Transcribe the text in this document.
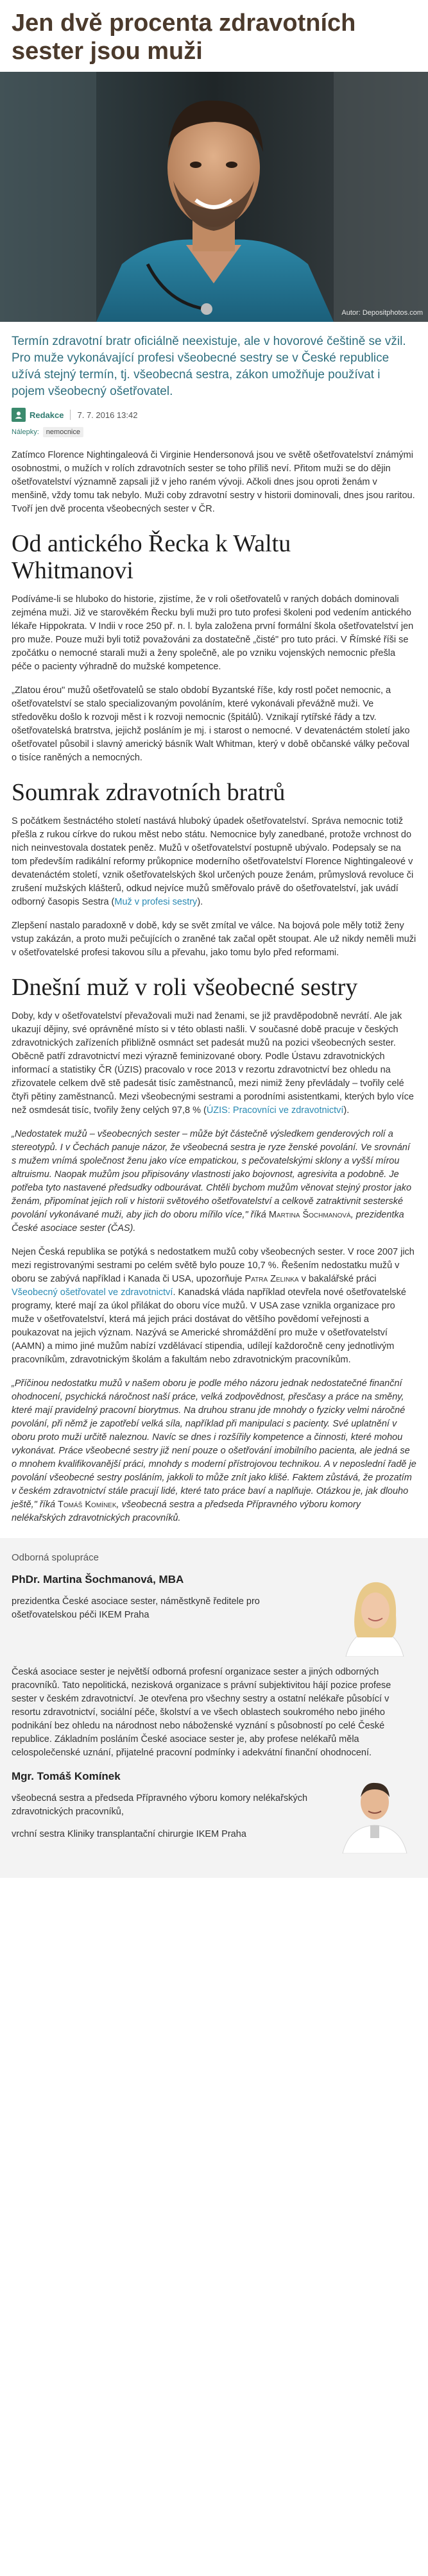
Jen dvě procenta zdravotních sester jsou muži
Autor: Depositphotos.com
Termín zdravotní bratr oficiálně neexistuje, ale v hovorové češtině se vžil. Pro muže vykonávající profesi všeobecné sestry se v České republice užívá stejný termín, tj. všeobecná sestra, zákon umožňuje používat i pojem všeobecný ošetřovatel.
Redakce 7. 7. 2016 13:42
Nálepky:	nemocnice

Zatímco Florence Nightingaleová či Virginie Hendersonová jsou ve světě ošetřovatelství známými osobnostmi, o mužích v rolích zdravotních sester se toho příliš neví. Přitom muži se do dějin ošetřovatelství významně zapsali již v jeho raném vývoji. Ačkoli dnes jsou oproti ženám v menšině, vždy tomu tak nebylo. Muži coby zdravotní sestry v historii dominovali, dnes jsou raritou. Tvoří jen dvě procenta všeobecných sester v ČR.

Od antického Řecka k Waltu Whitmanovi

Podíváme-li se hluboko do historie, zjistíme, že v roli ošetřovatelů v raných dobách dominovali zejména muži. Již ve starověkém Řecku byli muži pro tuto profesi školeni pod vedením antického lékaře Hippokrata. V Indii v roce 250 př. n. l. byla založena první formální škola ošetřovatelství jen pro muže. Pouze muži byli totiž považováni za dostatečně „čisté" pro tuto práci. V Římské říši se zpočátku o nemocné starali muži a ženy společně, ale po vzniku vojenských nemocnic přešla péče o pacienty výhradně do mužské kompetence.

„Zlatou érou" mužů ošetřovatelů se stalo období Byzantské říše, kdy rostl počet nemocnic, a ošetřovatelství se stalo specializovaným povoláním, které vykonávali převážně muži. Ve středověku došlo k rozvoji měst i k rozvoji nemocnic (špitálů). Vznikají rytířské řády a tzv. ošetřovatelská bratrstva, jejichž posláním je mj. i starost o nemocné. V devatenáctém století jako ošetřovatel působil i slavný americký básník Walt Whitman, který v době občanské války pečoval o tisíce raněných a nemocných.

Soumrak zdravotních bratrů

S počátkem šestnáctého století nastává hluboký úpadek ošetřovatelství. Správa nemocnic totiž přešla z rukou církve do rukou měst nebo státu. Nemocnice byly zanedbané, protože vrchnost do nich neinvestovala dostatek peněz. Mužů v ošetřovatelství postupně ubývalo. Podepsaly se na tom především radikální reformy průkopnice moderního ošetřovatelství Florence Nightingaleové v devatenáctém století, vznik ošetřovatelských škol určených pouze ženám, průmyslová revoluce či zrušení mužských klášterů, odkud nejvíce mužů směřovalo právě do ošetřovatelství, jak uvádí odborný časopis Sestra (Muž v profesi sestry).

Zlepšení nastalo paradoxně v době, kdy se svět zmítal ve válce. Na bojová pole měly totiž ženy vstup zakázán, a proto muži pečujících o zraněné tak začal opět stoupat. Ale už nikdy neměli muži v ošetřovatelské profesi takovou sílu a převahu, jako tomu bylo před reformami.

Dnešní muž v roli všeobecné sestry

Doby, kdy v ošetřovatelství převažovali muži nad ženami, se již pravděpodobně nevrátí. Ale jak ukazují dějiny, své oprávněné místo si v této oblasti našli. V současné době pracuje v českých zdravotnických zařízeních přibližně osmnáct set padesát mužů na pozici všeobecných sester. Oběcně patří zdravotnictví mezi výrazně feminizované obory. Podle Ústavu zdravotnických informací a statistiky ČR (ÚZIS) pracovalo v roce 2013 v rezortu zdravotnictví bez ohledu na zřizovatele celkem dvě stě padesát tisíc zaměstnanců, mezi nimiž ženy převládaly – tvořily celé čtyři pětiny zaměstnanců. Mezi všeobecnými sestrami a porodními asistentkami, kterých bylo více než osmdesát tisíc, tvořily ženy celých 97,8 % (ÚZIS: Pracovníci ve zdravotnictví).

„Nedostatek mužů – všeobecných sester – může být částečně výsledkem genderových rolí a stereotypů. I v Čechách panuje názor, že všeobecná sestra je ryze ženské povolání. Ve srovnání s mužem vnímá společnost ženu jako více empatickou, s pečovatelskými sklony a vyšší mírou altruismu. Naopak mužům jsou připisovány vlastnosti jako bojovnost, agresivita a podobně. Je potřeba tyto nastavené předsudky odbourávat. Chtěli bychom mužům věnovat stejný prostor jako ženám, připomínat jejich roli v historii světového ošetřovatelství a celkově zatraktivnit sesterské povolání vykonávané muži, aby jich do oboru mířilo více," říká Martina Šochmanová, prezidentka České asociace sester (ČAS).

Nejen Česká republika se potýká s nedostatkem mužů coby všeobecných sester. V roce 2007 jich mezi registrovanými sestrami po celém světě bylo pouze 10,7 %. Řešením nedostatku mužů v oboru se zabývá například i Kanada či USA, upozorňuje Patra Zelinka v bakalářské práci Všeobecný ošetřovatel ve zdravotnictví. Kanadská vláda například otevřela nové ošetřovatelské programy, které mají za úkol přilákat do oboru více mužů. V USA zase vznikla organizace pro muže v ošetřovatelství, která má jejich práci dostávat do většího povědomí veřejnosti a poukazovat na jejich význam. Nazývá se Americké shromáždění pro muže v ošetřovatelství (AAMN) a mimo jiné mužům nabízí vzdělávací stipendia, udílejí každoročně ceny jednotlivým pracovníkům, zdravotnickým školám a fakultám nebo zdravotnickým pracovníkům.

„Příčinou nedostatku mužů v našem oboru je podle mého názoru jednak nedostatečné finanční ohodnocení, psychická náročnost naší práce, velká zodpovědnost, přesčasy a práce na směny, které mají pravidelný pracovní biorytmus. Na druhou stranu jde mnohdy o fyzicky velmi náročné povolání, při němž je zapotřebí velká síla, například při manipulaci s pacienty. Své uplatnění v oboru proto muži určitě naleznou. Navíc se dnes i rozšířily kompetence a činnosti, které mohou vykonávat. Práce všeobecné sestry již není pouze o ošetřování imobilního pacienta, ale jedná se o mnohem kvalifikovanější práci, mnohdy s moderní přístrojovou technikou. A v neposlední řadě je povolání všeobecné sestry posláním, jakkoli to může znít jako klišé. Faktem zůstává, že prozatím v českém zdravotnictví stále pracují lidé, které tato práce baví a naplňuje. Otázkou je, jak dlouho ještě," říká Tomáš Komínek, všeobecná sestra a předseda Přípravného výboru komory nelékařských zdravotnických pracovníků.
Odborná spolupráce
PhDr. Martina Šochmanová, MBA
prezidentka České asociace sester, náměstkyně ředitele pro ošetřovatelskou péči IKEM Praha

Česká asociace sester je největší odborná profesní organizace sester a jiných odborných pracovníků. Tato nepolitická, nezisková organizace s právní subjektivitou hájí pozice profese sester v českém zdravotnictví. Je otevřena pro všechny sestry a ostatní nelékaře působící v resortu zdravotnictví, sociální péče, školství a ve všech oblastech soukromého nebo jiného podnikání bez ohledu na národnost nebo náboženské vyznání s působností po celé České republice. Základním posláním České asociace sester je, aby profese nelékařů měla celospolečenské uznání, přijatelné pracovní podmínky i adekvátní finanční ohodnocení.

Mgr. Tomáš Komínek
všeobecná sestra a předseda Přípravného výboru komory nelékařských zdravotnických pracovníků,
vrchní sestra Kliniky transplantační chirurgie IKEM Praha
